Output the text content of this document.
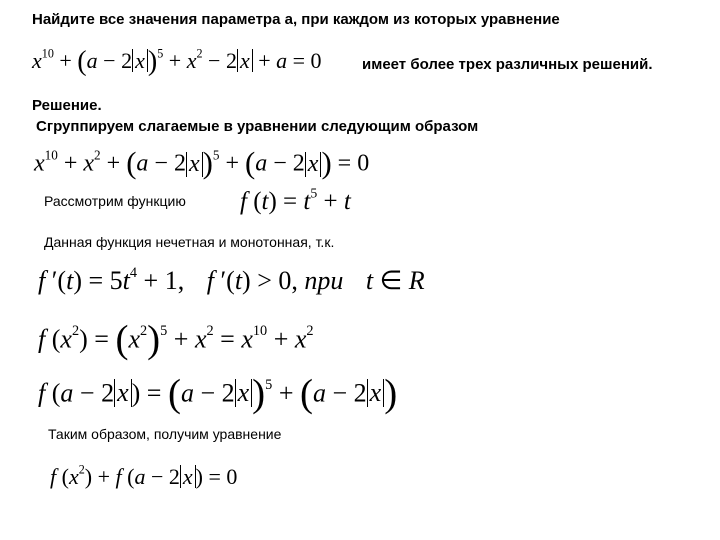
Найдите все значения параметра а, при каждом из которых уравнение
$x^{10} + (a - 2$ x )$^5 + x^2 - 2$ x + a = 0	имеет более трех различных решений.
Решение.
Сгруппируем слагаемые в уравнении следующим образом
$x^{10} + x^2 + (a - 2$ x)$^5$ + (a − 2 x) = 0
Рассмотрим функцию f $(t) = t^5 + t$
Данная функция нечетная и монотонная, т.к.
f $'(t) = 5t^4 + 1$, f ′(t) > 0, при t ∈ R
f $(x^2) = (x^2)^5 + x^2 = x^{10} + x^2$
f (a − 2 x ) = (a − 2 x)$^5$ + (a − 2 x)
Таким образом, получим уравнение
f $(x^2) + f$ (a − 2 x ) = 0
